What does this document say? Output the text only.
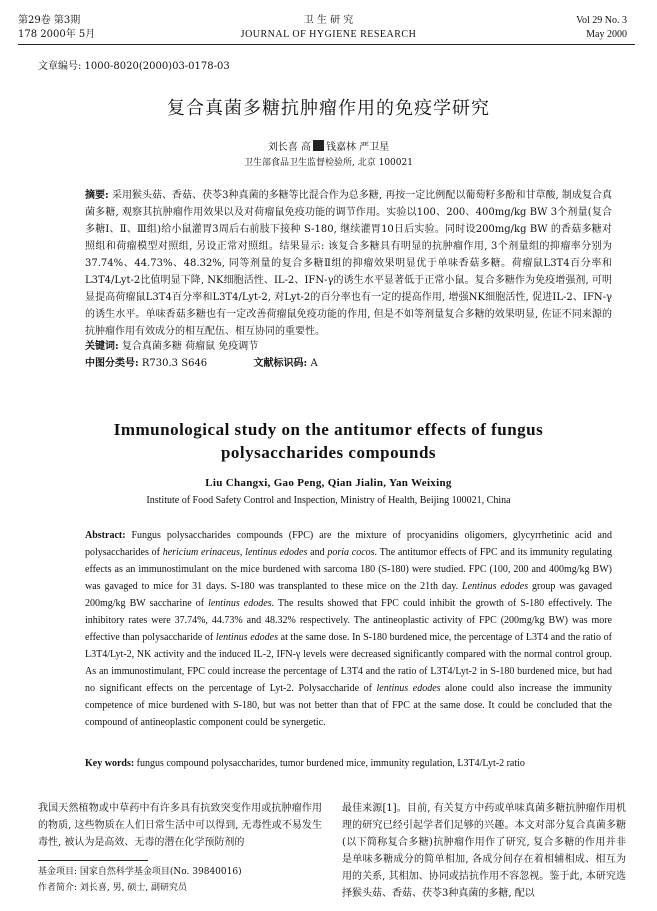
第29卷 第3期
178 2000年 5月
卫 生 研 究
JOURNAL OF HYGIENE RESEARCH
Vol 29 No. 3
May 2000
文章编号: 1000-8020(2000)03-0178-03
复合真菌多糖抗肿瘤作用的免疫学研究
刘长喜 高 钱嘉林 严卫星
卫生部食品卫生监督检验所, 北京 100021
摘要: 采用猴头菇、香菇、茯苓3种真菌的多糖等比混合作为总多糖, 再按一定比例配以葡萄籽多酚和甘草酸, 制成复合真菌多糖, 观察其抗肿瘤作用效果以及对荷瘤鼠免疫功能的调节作用。实验以100、200、400mg/kg BW 3个剂量(复合多糖Ⅰ、Ⅱ、Ⅲ组)给小鼠灌胃3周后右前肢下接种 S-180, 继续灌胃10日后实验。同时设200mg/kg BW 的香菇多糖对照组和荷瘤模型对照组, 另设正常对照组。结果显示: 该复合多糖具有明显的抗肿瘤作用, 3个剂量组的抑瘤率分别为37.74%、44.73%、48.32%, 同等剂量的复合多糖Ⅱ组的抑瘤效果明显优于单味香菇多糖。荷瘤鼠L3T4百分率和L3T4/Lyt-2比值明显下降, NK细胞活性、IL-2、IFN-γ的诱生水平显著低于正常小鼠。复合多糖作为免疫增强剂, 可明显提高荷瘤鼠L3T4百分率和L3T4/Lyt-2, 对Lyt-2的百分率也有一定的提高作用, 增强NK细胞活性, 促进IL-2、IFN-γ的诱生水平。单味香菇多糖也有一定改善荷瘤鼠免疫功能的作用, 但是不如等剂量复合多糖的效果明显, 佐证不同来源的抗肿瘤作用有效成分的相互配伍、相互协同的重要性。
关键词: 复合真菌多糖 荷瘤鼠 免疫调节
中图分类号: R730.3 S646	文献标识码: A
Immunological study on the antitumor effects of fungus
polysaccharides compounds
Liu Changxi, Gao Peng, Qian Jialin, Yan Weixing
Institute of Food Safety Control and Inspection, Ministry of Health, Beijing 100021, China
Abstract: Fungus polysaccharides compounds (FPC) are the mixture of procyanidins oligomers, glycyrrhetinic acid and polysaccharides of hericium erinaceus, lentinus edodes and poria cocos. The antitumor effects of FPC and its immunity regulating effects as an immunostimulant on the mice burdened with sarcoma 180 (S-180) were studied. FPC (100, 200 and 400mg/kg BW) was gavaged to mice for 31 days. S-180 was transplanted to these mice on the 21th day. Lentinus edodes group was gavaged 200mg/kg BW saccharine of lentinus edodes. The results showed that FPC could inhibit the growth of S-180 effectively. The inhibitory rates were 37.74%, 44.73% and 48.32% respectively. The antineoplastic activity of FPC (200mg/kg BW) was more effective than polysaccharide of lentinus edodes at the same dose. In S-180 burdened mice, the percentage of L3T4 and the ratio of L3T4/Lyt-2, NK activity and the induced IL-2, IFN-γ levels were decreased significantly compared with the normal control group. As an immunostimulant, FPC could increase the percentage of L3T4 and the ratio of L3T4/Lyt-2 in S-180 burdened mice, but had no significant effects on the percentage of Lyt-2. Polysaccharide of lentinus edodes alone could also increase the immunity competence of mice burdened with S-180, but was not better than that of FPC at the same dose. It could be concluded that the compound of antineoplastic component could be synergetic.
Key words: fungus compound polysaccharides, tumor burdened mice, immunity regulation, L3T4/Lyt-2 ratio
我国天然植物或中草药中有许多具有抗致突变作用或抗肿瘤作用的物质, 这些物质在人们日常生活中可以得到, 无毒性或不易发生毒性, 被认为是高效、无毒的潜在化学预防剂的
最佳来源[1]。目前, 有关复方中药或单味真菌多糖抗肿瘤作用机理的研究已经引起学者们足够的兴趣。本文对部分复合真菌多糖(以下简称复合多糖)抗肿瘤作用作了研究, 复合多糖的作用并非是单味多糖成分的简单相加, 各成分间存在着相辅相成、相互为用的关系, 其相加、协同或拮抗作用不容忽视。鉴于此, 本研究选择猴头菇、香菇、茯苓3种真菌的多糖, 配以
基金项目: 国家自然科学基金项目(No. 39840016)
作者简介: 刘长喜, 男, 硕士, 副研究员
